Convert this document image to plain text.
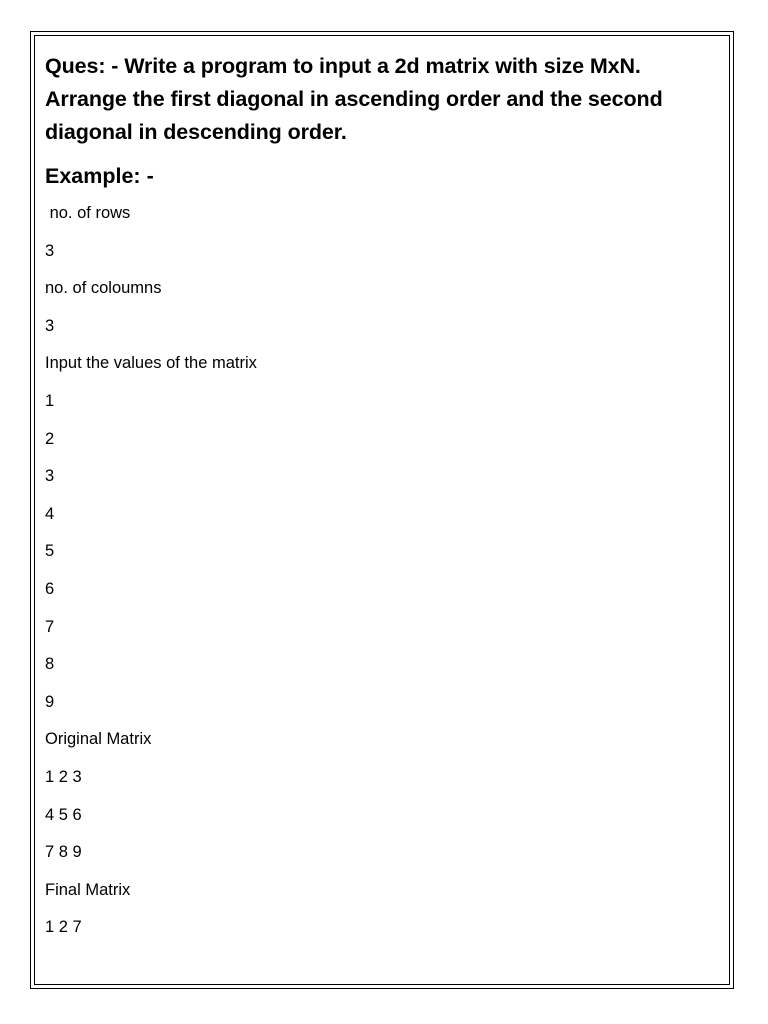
Ques: - Write a program to input a 2d matrix with size MxN. Arrange the first diagonal in ascending order and the second diagonal in descending order.

Example: -

no. of rows
3
no. of coloumns
3
Input the values of the matrix
1
2
3
4
5
6
7
8
9
Original Matrix
1 2 3
4 5 6
7 8 9
Final Matrix
1 2 7
